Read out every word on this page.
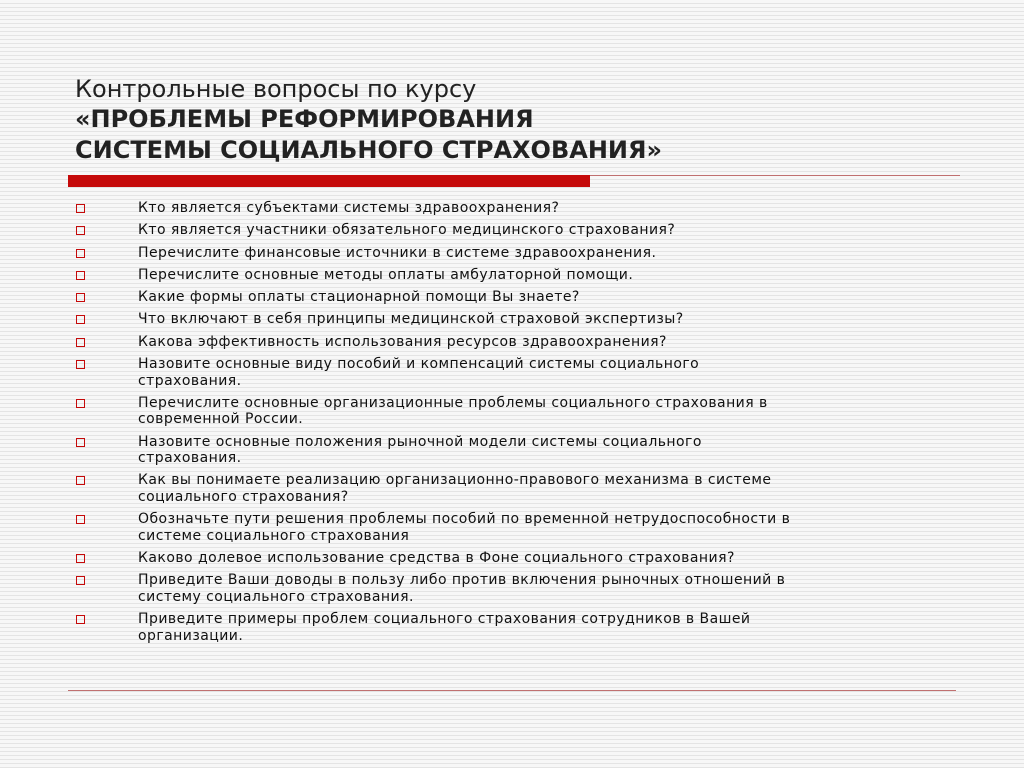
Контрольные вопросы по курсу
«ПРОБЛЕМЫ РЕФОРМИРОВАНИЯ
СИСТЕМЫ СОЦИАЛЬНОГО СТРАХОВАНИЯ»
Кто является субъектами системы здравоохранения?
Кто является участники обязательного медицинского страхования?
Перечислите финансовые источники в системе здравоохранения.
Перечислите основные методы оплаты амбулаторной помощи.
Какие формы оплаты стационарной помощи Вы знаете?
Что включают в себя принципы медицинской страховой экспертизы?
Какова эффективность использования ресурсов здравоохранения?
Назовите основные виду пособий и компенсаций системы социального
страхования.
Перечислите основные организационные проблемы социального страхования в
современной России.
Назовите основные положения рыночной модели системы социального
страхования.
Как вы понимаете реализацию организационно-правового механизма в системе
социального страхования?
Обозначьте пути решения проблемы пособий по временной нетрудоспособности в
системе социального страхования
Каково долевое использование средства в Фоне социального страхования?
Приведите Ваши доводы в пользу либо против включения рыночных отношений в
систему социального страхования.
Приведите примеры проблем социального страхования сотрудников в Вашей
организации.
